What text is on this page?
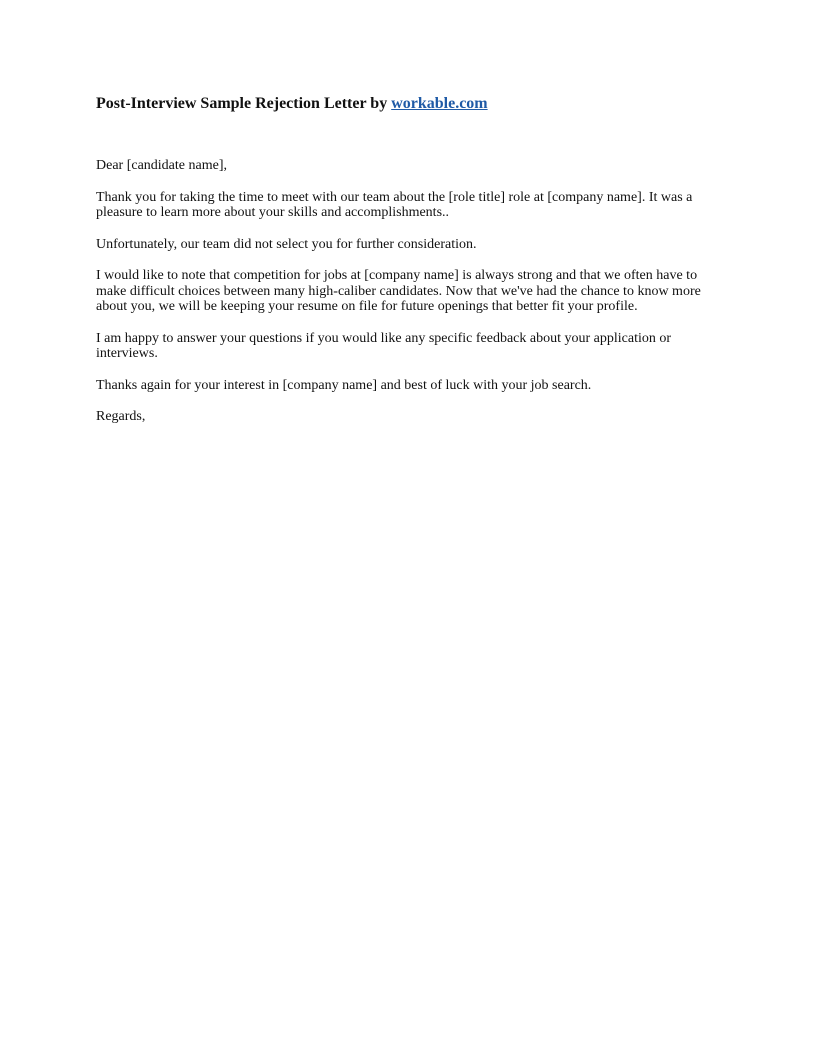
Post-Interview Sample Rejection Letter by workable.com

Dear [candidate name],

Thank you for taking the time to meet with our team about the [role title] role at [company name]. It was a pleasure to learn more about your skills and accomplishments..

Unfortunately, our team did not select you for further consideration.

I would like to note that competition for jobs at [company name] is always strong and that we often have to make difficult choices between many high-caliber candidates. Now that we've had the chance to know more about you, we will be keeping your resume on file for future openings that better fit your profile.

I am happy to answer your questions if you would like any specific feedback about your application or interviews.

Thanks again for your interest in [company name] and best of luck with your job search.

Regards,
